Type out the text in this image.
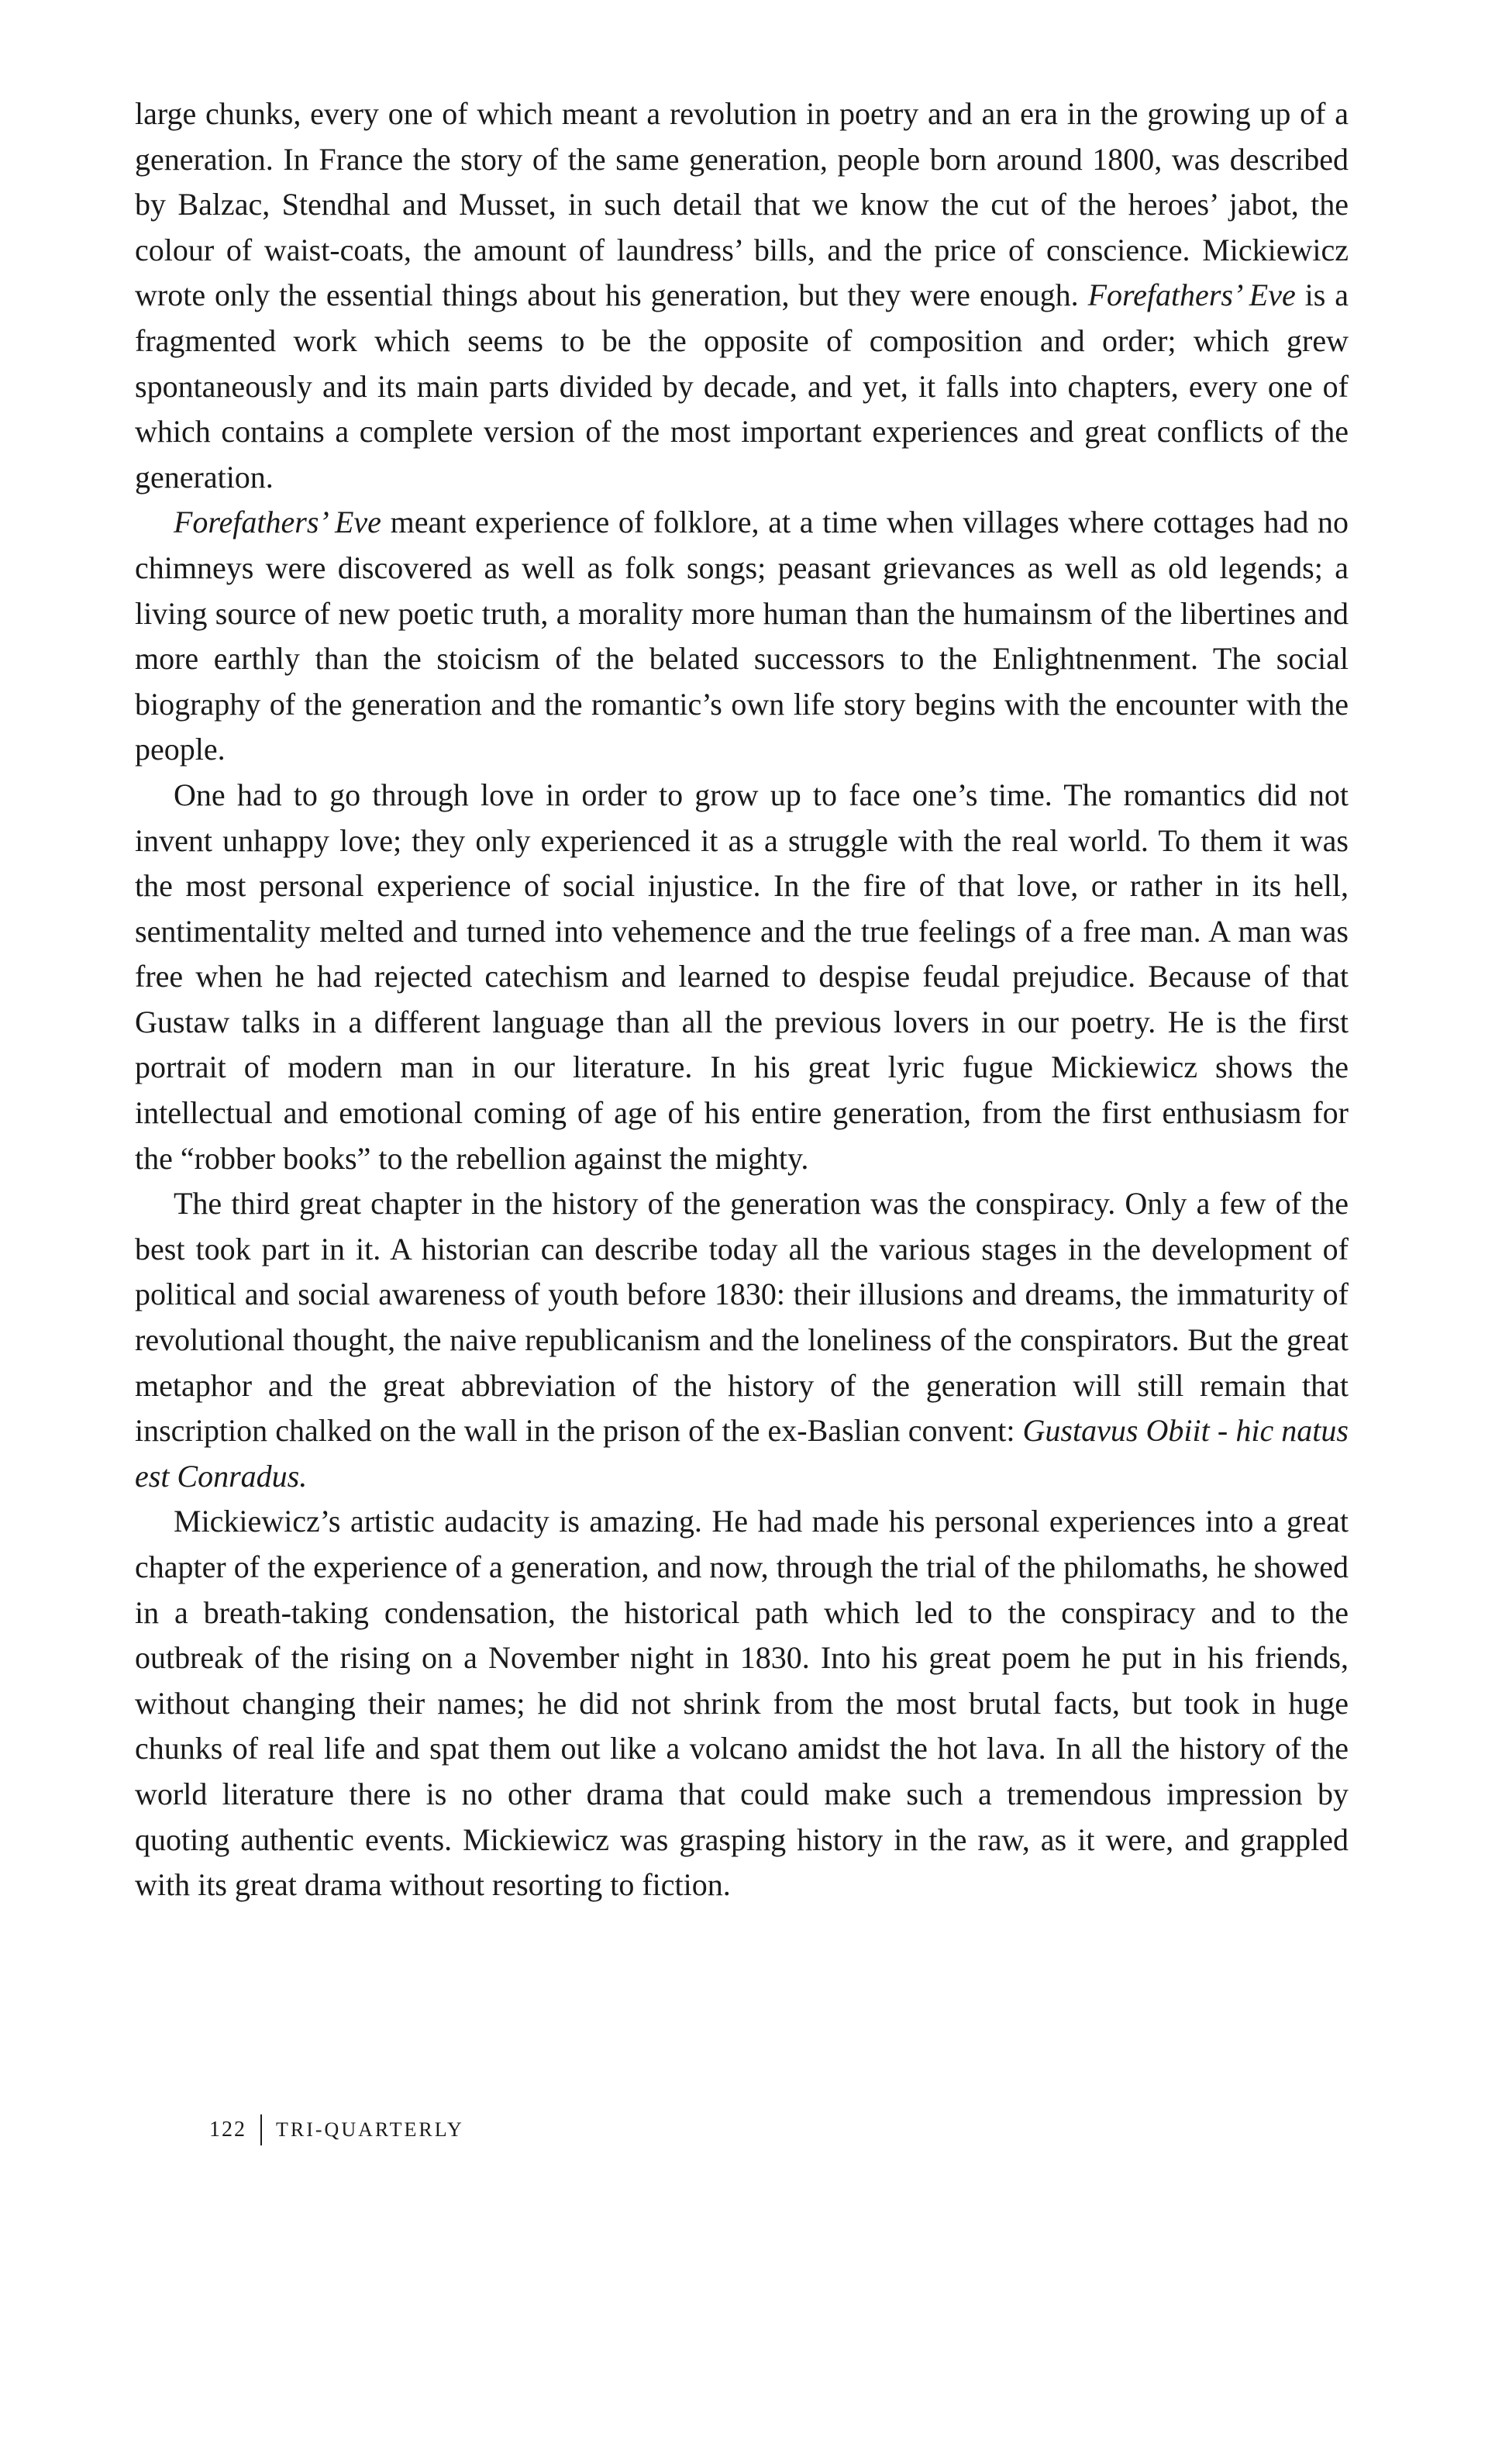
large chunks, every one of which meant a revolution in poetry and an era in the growing up of a generation. In France the story of the same generation, people born around 1800, was described by Balzac, Stendhal and Musset, in such detail that we know the cut of the heroes’ jabot, the colour of waist-coats, the amount of laundress’ bills, and the price of conscience. Mickiewicz wrote only the essential things about his generation, but they were enough. Forefathers’ Eve is a fragmented work which seems to be the opposite of composition and order; which grew spontaneously and its main parts divided by decade, and yet, it falls into chapters, every one of which contains a complete version of the most important experiences and great conflicts of the generation.

Forefathers’ Eve meant experience of folklore, at a time when villages where cottages had no chimneys were discovered as well as folk songs; peasant grievances as well as old legends; a living source of new poetic truth, a morality more human than the humainsm of the libertines and more earthly than the stoicism of the belated successors to the Enlightnenment. The social biography of the generation and the romantic’s own life story begins with the encounter with the people.

One had to go through love in order to grow up to face one’s time. The romantics did not invent unhappy love; they only experienced it as a struggle with the real world. To them it was the most personal experience of social injustice. In the fire of that love, or rather in its hell, sentimentality melted and turned into vehemence and the true feelings of a free man. A man was free when he had rejected catechism and learned to despise feudal prejudice. Because of that Gustaw talks in a different language than all the previous lovers in our poetry. He is the first portrait of modern man in our literature. In his great lyric fugue Mickiewicz shows the intellectual and emotional coming of age of his entire generation, from the first enthusiasm for the “robber books” to the rebellion against the mighty.

The third great chapter in the history of the generation was the conspiracy. Only a few of the best took part in it. A historian can describe today all the various stages in the development of political and social awareness of youth before 1830: their illusions and dreams, the immaturity of revolutional thought, the naive republicanism and the loneliness of the conspirators. But the great metaphor and the great abbreviation of the history of the generation will still remain that inscription chalked on the wall in the prison of the ex-Baslian convent: Gustavus Obiit - hic natus est Conradus.

Mickiewicz’s artistic audacity is amazing. He had made his personal experiences into a great chapter of the experience of a generation, and now, through the trial of the philomaths, he showed in a breath-taking condensation, the historical path which led to the conspiracy and to the outbreak of the rising on a November night in 1830. Into his great poem he put in his friends, without changing their names; he did not shrink from the most brutal facts, but took in huge chunks of real life and spat them out like a volcano amidst the hot lava. In all the history of the world literature there is no other drama that could make such a tremendous impression by quoting authentic events. Mickiewicz was grasping history in the raw, as it were, and grappled with its great drama without resorting to fiction.

122 TRI-QUARTERLY
